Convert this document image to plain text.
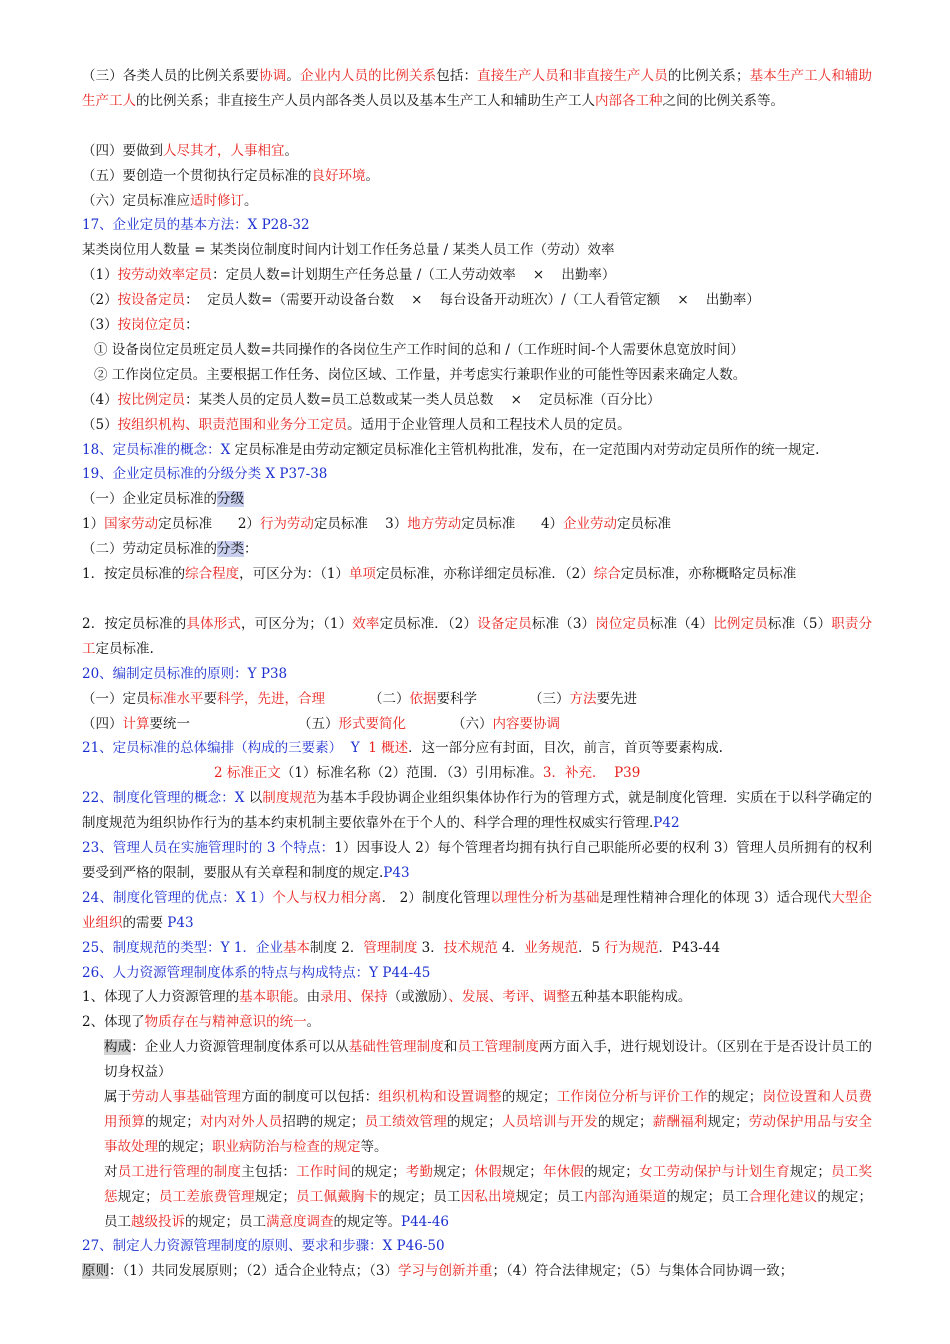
（三）各类人员的比例关系要协调。企业内人员的比例关系包括：直接生产人员和非直接生产人员的比例关系；基本生产工人和辅助生产工人的比例关系；非直接生产人员内部各类人员以及基本生产工人和辅助生产工人内部各工种之间的比例关系等。

（四）要做到人尽其才，人事相宜。

（五）要创造一个贯彻执行定员标准的良好环境。

（六）定员标准应适时修订。

17、企业定员的基本方法：X P28-32

某类岗位用人数量 = 某类岗位制度时间内计划工作任务总量 / 某类人员工作（劳动）效率

（1）按劳动效率定员：定员人数=计划期生产任务总量 /（工人劳动效率    ×    出勤率）

（2）按设备定员：  定员人数=（需要开动设备台数    ×    每台设备开动班次）/（工人看管定额    ×    出勤率）

（3）按岗位定员：

① 设备岗位定员班定员人数=共同操作的各岗位生产工作时间的总和 /（工作班时间-个人需要休息宽放时间）

② 工作岗位定员。主要根据工作任务、岗位区域、工作量，并考虑实行兼职作业的可能性等因素来确定人数。

（4）按比例定员：某类人员的定员人数=员工总数或某一类人员总数    ×    定员标准（百分比）

（5）按组织机构、职责范围和业务分工定员。适用于企业管理人员和工程技术人员的定员。

18、定员标准的概念：X 定员标准是由劳动定额定员标准化主管机构批准，发布，在一定范围内对劳动定员所作的统一规定.

19、企业定员标准的分级分类 X P37-38

（一）企业定员标准的分级

1）国家劳动定员标准      2）行为劳动定员标准    3）地方劳动定员标准      4）企业劳动定员标准

（二）劳动定员标准的分类：

1．按定员标准的综合程度，可区分为：（1）单项定员标准，亦称详细定员标准．（2）综合定员标准，亦称概略定员标准

2．按定员标准的具体形式，可区分为；（1）效率定员标准．（2）设备定员标准（3）岗位定员标准（4）比例定员标准（5）职责分工定员标准.

20、编制定员标准的原则：Y P38

（一）定员标准水平要科学，先进，合理	（二）依据要科学	（三）方法要先进

（四）计算要统一	（五）形式要简化	（六）内容要协调

21、定员标准的总体编排（构成的三要素）  Y  1 概述．这一部分应有封面，目次，前言，首页等要素构成.

2 标准正文（1）标准名称（2）范围．（3）引用标准。3．补充．  P39

22、制度化管理的概念：X 以制度规范为基本手段协调企业组织集体协作行为的管理方式，就是制度化管理．实质在于以科学确定的制度规范为组织协作行为的基本约束机制主要依靠外在于个人的、科学合理的理性权威实行管理.P42

23、管理人员在实施管理时的 3 个特点：1）因事设人 2）每个管理者均拥有执行自己职能所必要的权利 3）管理人员所拥有的权利要受到严格的限制，要服从有关章程和制度的规定.P43

24、制度化管理的优点：X 1）个人与权力相分离． 2）制度化管理以理性分析为基础是理性精神合理化的体现 3）适合现代大型企业组织的需要 P43

25、制度规范的类型：Y 1．企业基本制度 2．管理制度 3．技术规范 4．业务规范．5 行为规范．P43-44

26、人力资源管理制度体系的特点与构成特点：Y P44-45

1、体现了人力资源管理的基本职能。由录用、保持（或激励）、发展、考评、调整五种基本职能构成。

2、体现了物质存在与精神意识的统一。

构成：企业人力资源管理制度体系可以从基础性管理制度和员工管理制度两方面入手，进行规划设计。（区别在于是否设计员工的切身权益）

属于劳动人事基础管理方面的制度可以包括：组织机构和设置调整的规定；工作岗位分析与评价工作的规定；岗位设置和人员费用预算的规定；对内对外人员招聘的规定；员工绩效管理的规定；人员培训与开发的规定；薪酬福利规定；劳动保护用品与安全事故处理的规定；职业病防治与检查的规定等。

对员工进行管理的制度主包括：工作时间的规定；考勤规定；休假规定；年休假的规定；女工劳动保护与计划生育规定；员工奖惩规定；员工差旅费管理规定；员工佩戴胸卡的规定；员工因私出境规定；员工内部沟通渠道的规定；员工合理化建议的规定；员工越级投诉的规定；员工满意度调查的规定等。P44-46

27、制定人力资源管理制度的原则、要求和步骤：X P46-50

原则：（1）共同发展原则；（2）适合企业特点；（3）学习与创新并重；（4）符合法律规定；（5）与集体合同协调一致；
